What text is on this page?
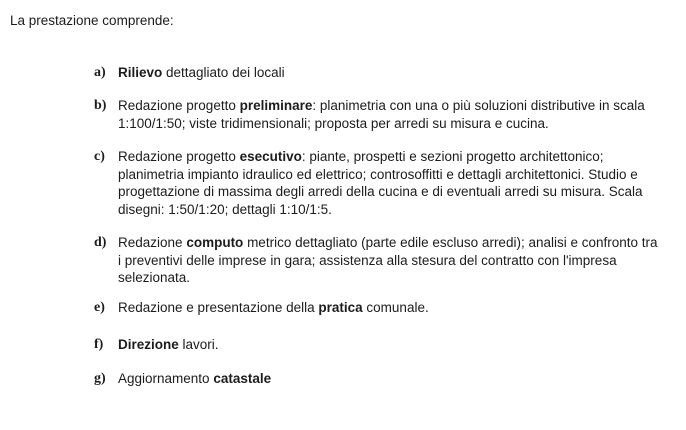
La prestazione comprende:

a) Rilievo dettagliato dei locali
b) Redazione progetto preliminare: planimetria con una o più soluzioni distributive in scala 1:100/1:50; viste tridimensionali; proposta per arredi su misura e cucina.
c) Redazione progetto esecutivo: piante, prospetti e sezioni progetto architettonico; planimetria impianto idraulico ed elettrico; controsoffitti e dettagli architettonici. Studio e progettazione di massima degli arredi della cucina e di eventuali arredi su misura. Scala disegni: 1:50/1:20; dettagli 1:10/1:5.
d) Redazione computo metrico dettagliato (parte edile escluso arredi); analisi e confronto tra i preventivi delle imprese in gara; assistenza alla stesura del contratto con l'impresa selezionata.
e) Redazione e presentazione della pratica comunale.
f) Direzione lavori.
g) Aggiornamento catastale
